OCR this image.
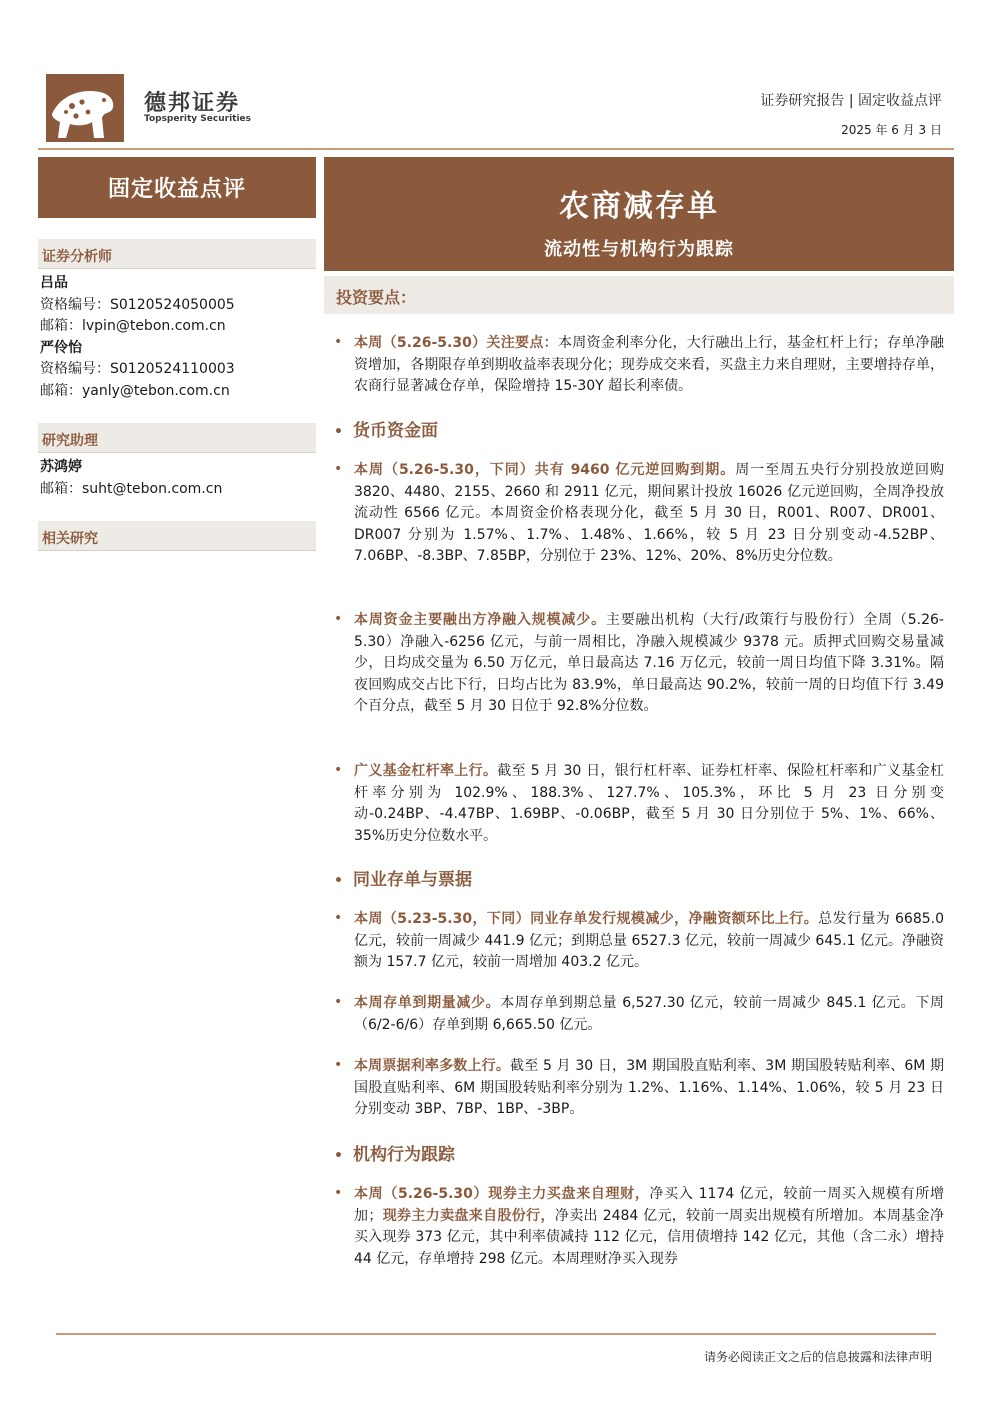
德邦证券
Topsperity Securities
证券研究报告 | 固定收益点评
2025 年 6 月 3 日
固定收益点评	农商减存单
流动性与机构行为跟踪
证券分析师
吕品
资格编号：S0120524050005
邮箱：lvpin@tebon.com.cn
严伶怡
资格编号：S0120524110003
邮箱：yanly@tebon.com.cn
研究助理
苏鸿婷
邮箱：suht@tebon.com.cn
相关研究
投资要点：
• 本周（5.26-5.30）关注要点：本周资金利率分化，大行融出上行，基金杠杆上行；存单净融资增加，各期限存单到期收益率表现分化；现券成交来看，买盘主力来自理财，主要增持存单，农商行显著减仓存单，保险增持 15-30Y 超长利率债。
• 货币资金面
• 本周（5.26-5.30，下同）共有 9460 亿元逆回购到期。周一至周五央行分别投放逆回购 3820、4480、2155、2660 和 2911 亿元，期间累计投放 16026 亿元逆回购，全周净投放流动性 6566 亿元。本周资金价格表现分化，截至 5 月 30 日，R001、R007、DR001、DR007 分别为 1.57%、1.7%、1.48%、1.66%，较 5 月 23 日分别变动-4.52BP、7.06BP、-8.3BP、7.85BP，分别位于 23%、12%、20%、8%历史分位数。
• 本周资金主要融出方净融入规模减少。主要融出机构（大行/政策行与股份行）全周（5.26-5.30）净融入-6256 亿元，与前一周相比，净融入规模减少 9378 元。质押式回购交易量减少，日均成交量为 6.50 万亿元，单日最高达 7.16 万亿元，较前一周日均值下降 3.31%。隔夜回购成交占比下行，日均占比为 83.9%，单日最高达 90.2%，较前一周的日均值下行 3.49 个百分点，截至 5 月 30 日位于 92.8%分位数。
• 广义基金杠杆率上行。截至 5 月 30 日，银行杠杆率、证券杠杆率、保险杠杆率和广义基金杠杆率分别为 102.9%、188.3%、127.7%、105.3%，环比 5 月 23 日分别变动-0.24BP、-4.47BP、1.69BP、-0.06BP，截至 5 月 30 日分别位于 5%、1%、66%、35%历史分位数水平。
• 同业存单与票据
• 本周（5.23-5.30，下同）同业存单发行规模减少，净融资额环比上行。总发行量为 6685.0 亿元，较前一周减少 441.9 亿元；到期总量 6527.3 亿元，较前一周减少 645.1 亿元。净融资额为 157.7 亿元，较前一周增加 403.2 亿元。
• 本周存单到期量减少。本周存单到期总量 6,527.30 亿元，较前一周减少 845.1 亿元。下周（6/2-6/6）存单到期 6,665.50 亿元。
• 本周票据利率多数上行。截至 5 月 30 日，3M 期国股直贴利率、3M 期国股转贴利率、6M 期国股直贴利率、6M 期国股转贴利率分别为 1.2%、1.16%、1.14%、1.06%，较 5 月 23 日分别变动 3BP、7BP、1BP、-3BP。
• 机构行为跟踪
• 本周（5.26-5.30）现券主力买盘来自理财，净买入 1174 亿元，较前一周买入规模有所增加；现券主力卖盘来自股份行，净卖出 2484 亿元，较前一周卖出规模有所增加。本周基金净买入现券 373 亿元，其中利率债减持 112 亿元，信用债增持 142 亿元，其他（含二永）增持 44 亿元，存单增持 298 亿元。本周理财净买入现券
请务必阅读正文之后的信息披露和法律声明
